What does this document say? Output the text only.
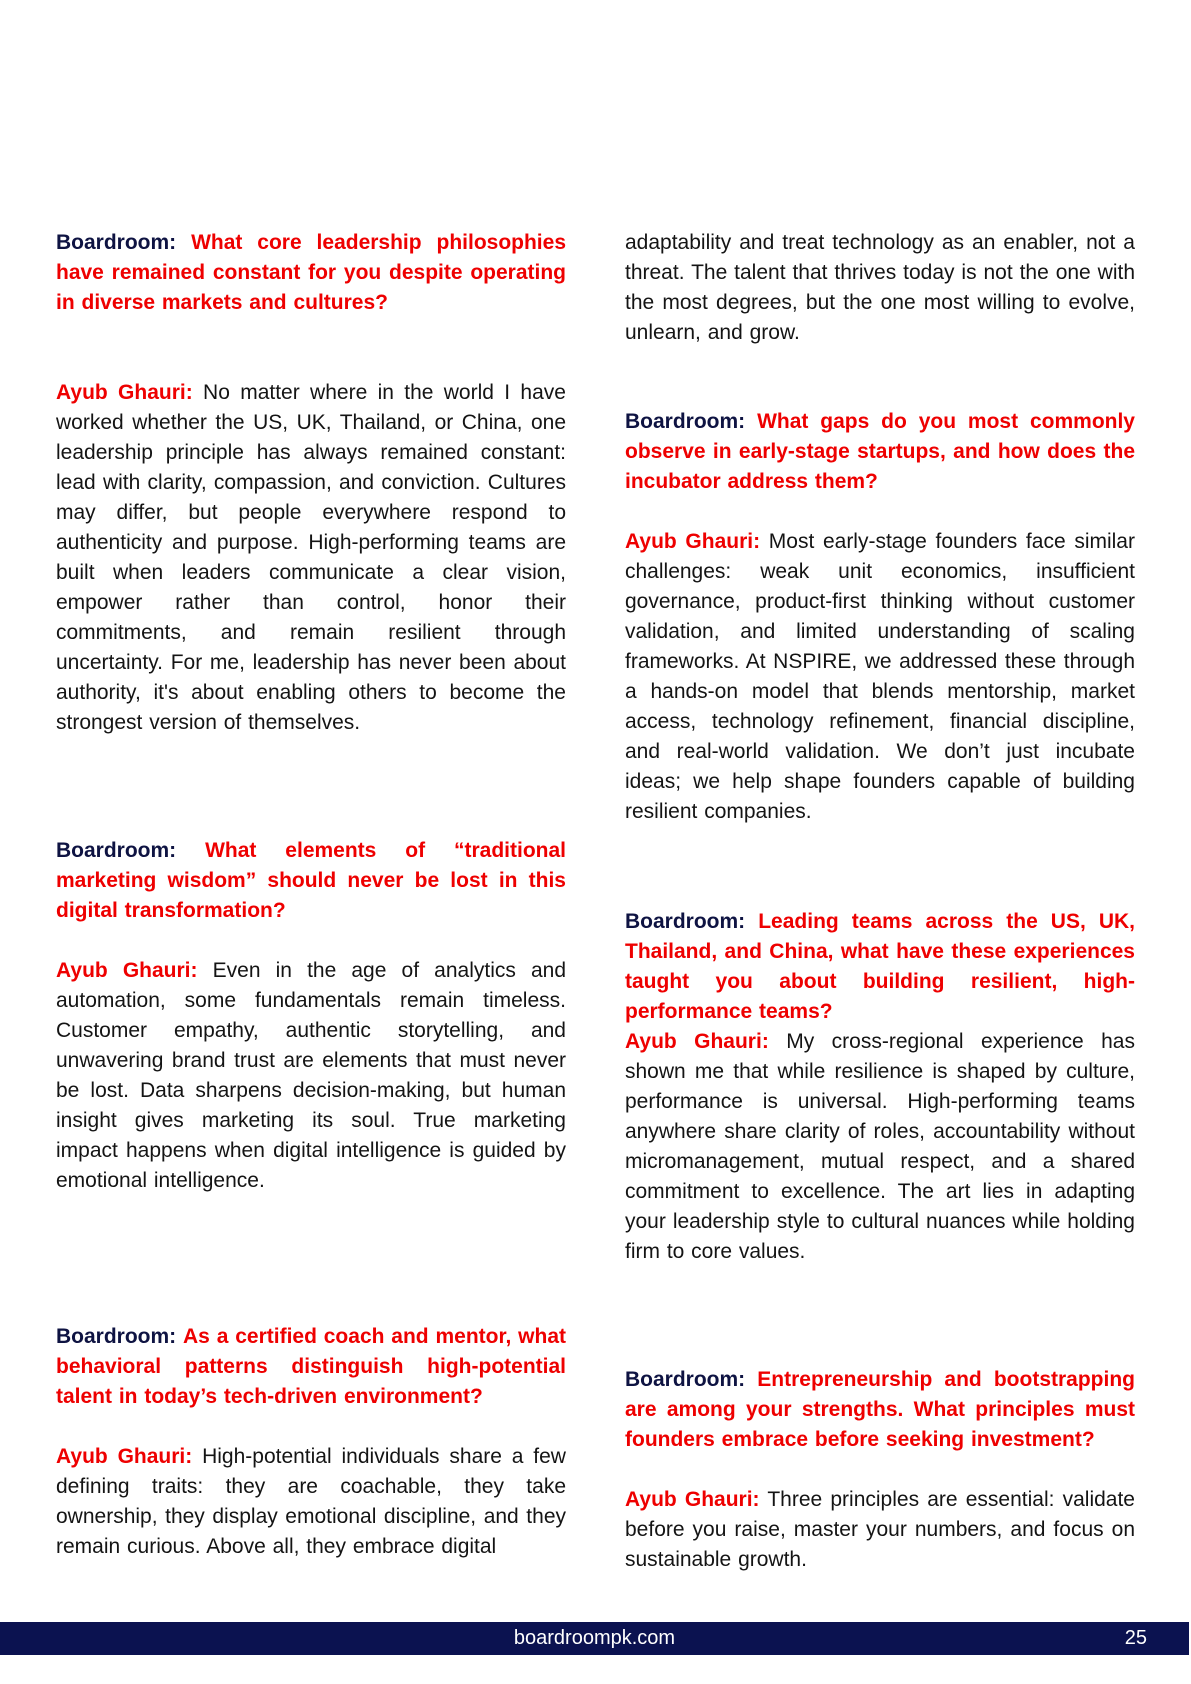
Boardroom: What core leadership philosophies have remained constant for you despite operating in diverse markets and cultures?

Ayub Ghauri: No matter where in the world I have worked whether the US, UK, Thailand, or China, one leadership principle has always remained constant: lead with clarity, compassion, and conviction. Cultures may differ, but people everywhere respond to authenticity and purpose. High-performing teams are built when leaders communicate a clear vision, empower rather than control, honor their commitments, and remain resilient through uncertainty. For me, leadership has never been about authority, it's about enabling others to become the strongest version of themselves.

Boardroom: What elements of “traditional marketing wisdom” should never be lost in this digital transformation?

Ayub Ghauri: Even in the age of analytics and automation, some fundamentals remain timeless. Customer empathy, authentic storytelling, and unwavering brand trust are elements that must never be lost. Data sharpens decision-making, but human insight gives marketing its soul. True marketing impact happens when digital intelligence is guided by emotional intelligence.

Boardroom: As a certified coach and mentor, what behavioral patterns distinguish high-potential talent in today’s tech-driven environment?

Ayub Ghauri: High-potential individuals share a few defining traits: they are coachable, they take ownership, they display emotional discipline, and they remain curious. Above all, they embrace digital

adaptability and treat technology as an enabler, not a threat. The talent that thrives today is not the one with the most degrees, but the one most willing to evolve, unlearn, and grow.

Boardroom: What gaps do you most commonly observe in early-stage startups, and how does the incubator address them?

Ayub Ghauri: Most early-stage founders face similar challenges: weak unit economics, insufficient governance, product-first thinking without customer validation, and limited understanding of scaling frameworks. At NSPIRE, we addressed these through a hands-on model that blends mentorship, market access, technology refinement, financial discipline, and real-world validation. We don’t just incubate ideas; we help shape founders capable of building resilient companies.

Boardroom: Leading teams across the US, UK, Thailand, and China, what have these experiences taught you about building resilient, high-performance teams?

Ayub Ghauri: My cross-regional experience has shown me that while resilience is shaped by culture, performance is universal. High-performing teams anywhere share clarity of roles, accountability without micromanagement, mutual respect, and a shared commitment to excellence. The art lies in adapting your leadership style to cultural nuances while holding firm to core values.

Boardroom: Entrepreneurship and bootstrapping are among your strengths. What principles must founders embrace before seeking investment?

Ayub Ghauri: Three principles are essential: validate before you raise, master your numbers, and focus on sustainable growth.

boardroompk.com	25
